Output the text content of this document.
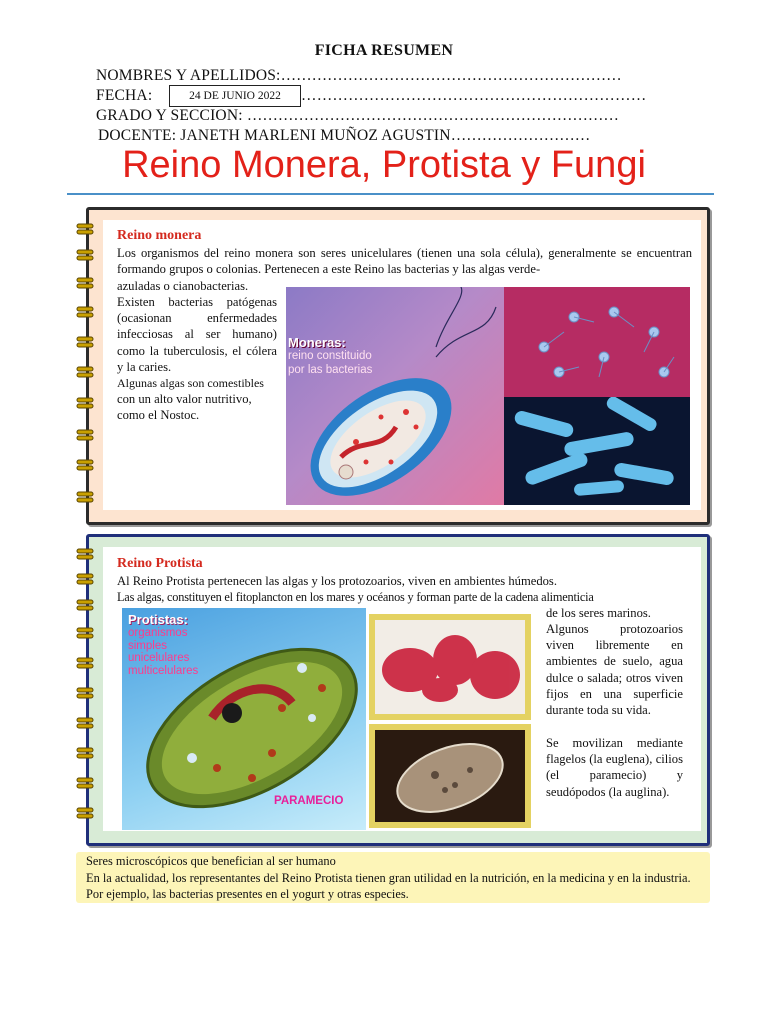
FICHA RESUMEN
NOMBRES Y APELLIDOS:…………………………………………………………
FECHA:	24 DE JUNIO 2022	…………………………………………………………
GRADO Y SECCION: ………………………………………………………………
DOCENTE: JANETH MARLENI MUÑOZ AGUSTIN………………………
Reino Monera, Protista y Fungi
Reino monera
Los organismos del reino monera son seres unicelulares (tienen una sola célula), generalmente se encuentran formando grupos o colonias. Pertenecen a este Reino las bacterias y las algas verde-
azuladas o cianobacterias.
Existen bacterias patógenas (ocasionan enfermedades infecciosas al ser humano) como la tuberculosis, el cólera y la caries.
Algunas algas son comestibles
con un alto valor nutritivo, como el Nostoc.
Moneras:
reino constituido
por las bacterias
Reino Protista
Al Reino Protista pertenecen las algas y los protozoarios, viven en ambientes húmedos.
Las algas, constituyen el fitoplancton en los mares y océanos y forman parte de la cadena alimenticia
de los seres marinos.
Algunos protozoarios viven libremente en ambientes de suelo, agua dulce o salada; otros viven fijos en una superficie durante toda su vida.
Se movilizan mediante flagelos (la euglena), cilios (el paramecio) y seudópodos (la auglina).
Protistas:
organismos
simples
unicelulares
multicelulares
PARAMECIO
Seres microscópicos que benefician al ser humano
En la actualidad, los representantes del Reino Protista tienen gran utilidad en la nutrición, en la medicina y en la industria. Por ejemplo, las bacterias presentes en el yogurt y otras especies.
